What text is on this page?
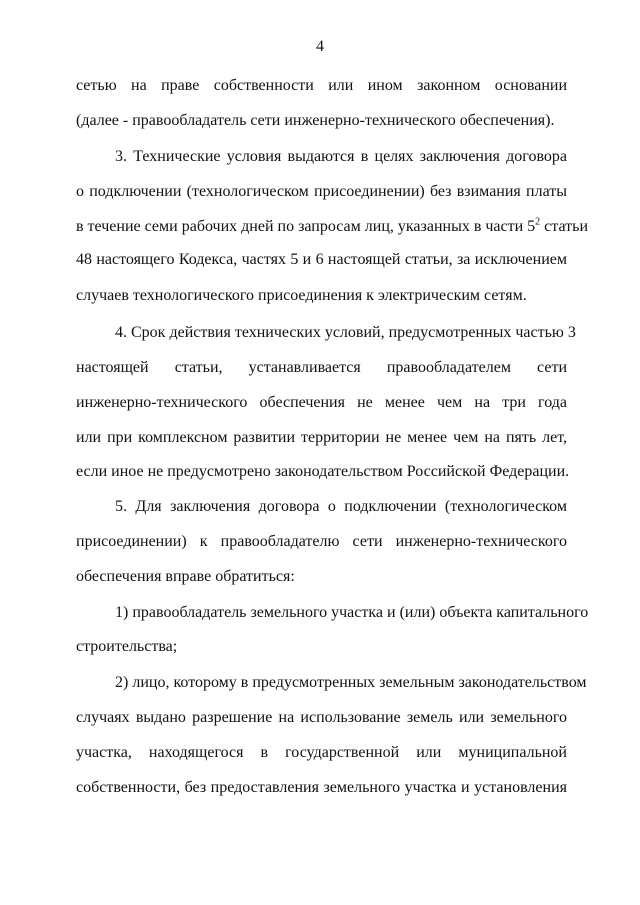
4
сетью на праве собственности или ином законном основании
(далее - правообладатель сети инженерно-технического обеспечения).
3. Технические условия выдаются в целях заключения договора
о подключении (технологическом присоединении) без взимания платы
в течение семи рабочих дней по запросам лиц, указанных в части $5^2$ статьи
48 настоящего Кодекса, частях 5 и 6 настоящей статьи, за исключением
случаев технологического присоединения к электрическим сетям.
4. Срок действия технических условий, предусмотренных частью 3
настоящей статьи, устанавливается правообладателем сети
инженерно-технического обеспечения не менее чем на три года
или при комплексном развитии территории не менее чем на пять лет,
если иное не предусмотрено законодательством Российской Федерации.
5. Для заключения договора о подключении (технологическом
присоединении) к правообладателю сети инженерно-технического
обеспечения вправе обратиться:
1) правообладатель земельного участка и (или) объекта капитального
строительства;
2) лицо, которому в предусмотренных земельным законодательством
случаях выдано разрешение на использование земель или земельного
участка, находящегося в государственной или муниципальной
собственности, без предоставления земельного участка и установления
